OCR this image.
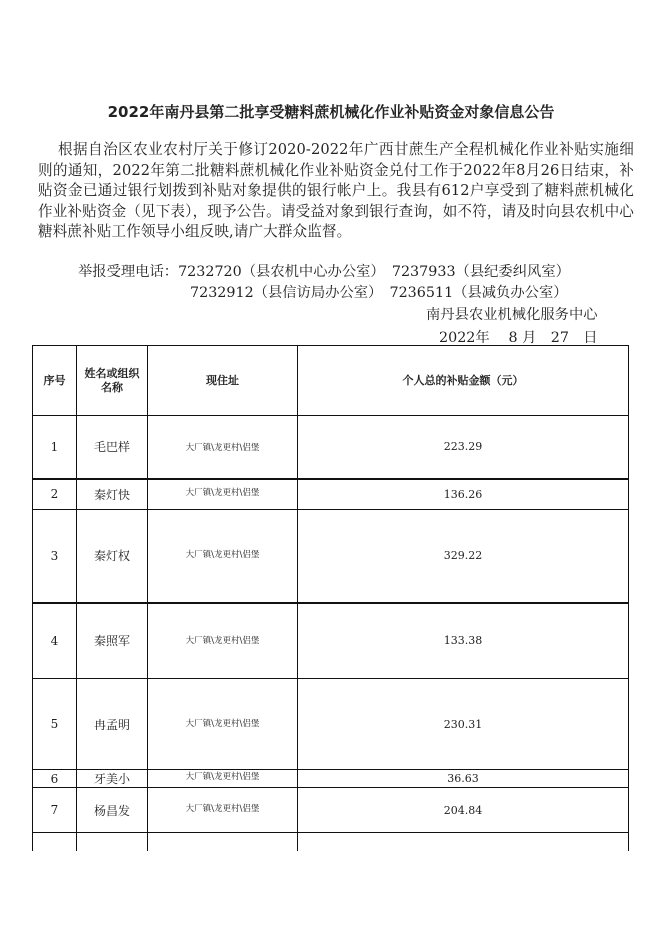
2022年南丹县第二批享受糖料蔗机械化作业补贴资金对象信息公告
根据自治区农业农村厅关于修订2020-2022年广西甘蔗生产全程机械化作业补贴实施细则的通知，2022年第二批糖料蔗机械化作业补贴资金兑付工作于2022年8月26日结束，补贴资金已通过银行划拨到补贴对象提供的银行帐户上。我县有612户享受到了糖料蔗机械化作业补贴资金（见下表），现予公告。请受益对象到银行查询，如不符，请及时向县农机中心糖料蔗补贴工作领导小组反映,请广大群众监督。
举报受理电话：7232720（县农机中心办公室）　7237933（县纪委纠风室）
7232912（县信访局办公室）　7236511（县减负办公室）
南丹县农业机械化服务中心
2022年　 8 月　27　日
序号	姓名或组织名称	现住址	个人总的补贴金额（元）
1	毛巴样	大厂镇\龙更村\侣堡	223.29
2	秦灯快	大厂镇\龙更村\侣堡	136.26
3	秦灯权	大厂镇\龙更村\侣堡	329.22
4	秦照军	大厂镇\龙更村\侣堡	133.38
5	冉孟明	大厂镇\龙更村\侣堡	230.31
6	牙美小	大厂镇\龙更村\侣堡	36.63
7	杨昌发	大厂镇\龙更村\侣堡	204.84
